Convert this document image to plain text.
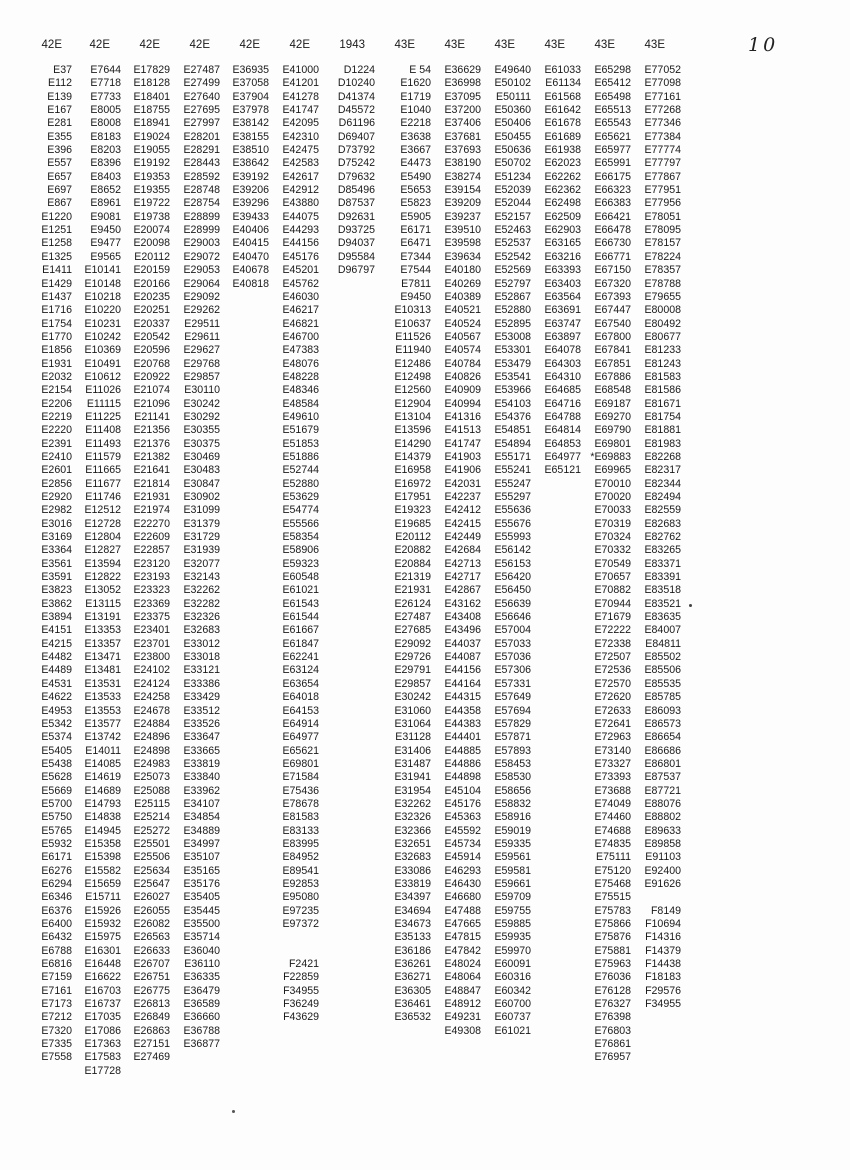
42E
E37
E112
E139
E167
E281
E355
E396
E557
E657
E697
E867
E1220
E1251
E1258
E1325
E1411
E1429
E1437
E1716
E1754
E1770
E1856
E1931
E2032
E2154
E2206
E2219
E2220
E2391
E2410
E2601
E2856
E2920
E2982
E3016
E3169
E3364
E3561
E3591
E3823
E3862
E3894
E4151
E4215
E4482
E4489
E4531
E4622
E4953
E5342
E5374
E5405
E5438
E5628
E5669
E5700
E5750
E5765
E5932
E6171
E6276
E6294
E6346
E6376
E6400
E6432
E6788
E6816
E7159
E7161
E7173
E7212
E7320
E7335
E7558
42E
E7644
E7718
E7733
E8005
E8008
E8183
E8203
E8396
E8403
E8652
E8961
E9081
E9450
E9477
E9565
E10141
E10148
E10218
E10220
E10231
E10242
E10369
E10491
E10612
E11026
E11115
E11225
E11408
E11493
E11579
E11665
E11677
E11746
E12512
E12728
E12804
E12827
E13594
E12822
E13052
E13115
E13191
E13353
E13357
E13471
E13481
E13531
E13533
E13553
E13577
E13742
E14011
E14085
E14619
E14689
E14793
E14838
E14945
E15358
E15398
E15582
E15659
E15711
E15926
E15932
E15975
E16301
E16448
E16622
E16703
E16737
E17035
E17086
E17363
E17583
E17728
42E
E17829
E18128
E18401
E18755
E18941
E19024
E19055
E19192
E19353
E19355
E19722
E19738
E20074
E20098
E20112
E20159
E20166
E20235
E20251
E20337
E20542
E20596
E20768
E20922
E21074
E21096
E21141
E21356
E21376
E21382
E21641
E21814
E21931
E21974
E22270
E22609
E22857
E23120
E23193
E23323
E23369
E23375
E23401
E23701
E23800
E24102
E24124
E24258
E24678
E24884
E24896
E24898
E24983
E25073
E25088
E25115
E25214
E25272
E25501
E25506
E25634
E25647
E26027
E26055
E26082
E26563
E26633
E26707
E26751
E26775
E26813
E26849
E26863
E27151
E27469
42E
E27487
E27499
E27640
E27695
E27997
E28201
E28291
E28443
E28592
E28748
E28754
E28899
E28999
E29003
E29072
E29053
E29064
E29092
E29262
E29511
E29611
E29627
E29768
E29857
E30110
E30242
E30292
E30355
E30375
E30469
E30483
E30847
E30902
E31099
E31379
E31729
E31939
E32077
E32143
E32262
E32282
E32326
E32683
E33012
E33018
E33121
E33386
E33429
E33512
E33526
E33647
E33665
E33819
E33840
E33962
E34107
E34854
E34889
E34997
E35107
E35165
E35176
E35405
E35445
E35500
E35714
E36040
E36110
E36335
E36479
E36589
E36660
E36788
E36877
42E
E36935
E37058
E37904
E37978
E38142
E38155
E38510
E38642
E39192
E39206
E39296
E39433
E40406
E40415
E40470
E40678
E40818
42E
E41000
E41201
E41278
E41747
E42095
E42310
E42475
E42583
E42617
E42912
E43880
E44075
E44293
E44156
E45176
E45201
E45762
E46030
E46217
E46821
E46700
E47383
E48076
E48228
E48346
E48584
E49610
E51679
E51853
E51886
E52744
E52880
E53629
E54774
E55566
E58354
E58906
E59323
E60548
E61021
E61543
E61544
E61667
E61847
E62241
E63124
E63654
E64018
E64153
E64914
E64977
E65621
E69801
E71584
E75436
E78678
E81583
E83133
E83995
E84952
E89541
E92853
E95080
E97235
E97372
F2421
F22859
F34955
F36249
F43629
1943
D1224
D10240
D41374
D45572
D61196
D69407
D73792
D75242
D79632
D85496
D87537
D92631
D93725
D94037
D95584
D96797
43E
E 54
E1620
E1719
E1040
E2218
E3638
E3667
E4473
E5490
E5653
E5823
E5905
E6171
E6471
E7344
E7544
E7811
E9450
E10313
E10637
E11526
E11940
E12486
E12498
E12560
E12904
E13104
E13596
E14290
E14379
E16958
E16972
E17951
E19323
E19685
E20112
E20882
E20884
E21319
E21931
E26124
E27487
E27685
E29092
E29726
E29791
E29857
E30242
E31060
E31064
E31128
E31406
E31487
E31941
E31954
E32262
E32326
E32366
E32651
E32683
E33086
E33819
E34397
E34694
E34673
E35133
E36186
E36261
E36271
E36305
E36461
E36532
43E
E36629
E36998
E37095
E37200
E37406
E37681
E37693
E38190
E38274
E39154
E39209
E39237
E39510
E39598
E39634
E40180
E40269
E40389
E40521
E40524
E40567
E40574
E40784
E40826
E40909
E40994
E41316
E41513
E41747
E41903
E41906
E42031
E42237
E42412
E42415
E42449
E42684
E42713
E42717
E42867
E43162
E43408
E43496
E44037
E44087
E44156
E44164
E44315
E44358
E44383
E44401
E44885
E44886
E44898
E45104
E45176
E45363
E45592
E45734
E45914
E46293
E46430
E46680
E47488
E47665
E47815
E47842
E48024
E48064
E48847
E48912
E49231
E49308
43E
E49640
E50102
E50111
E50360
E50406
E50455
E50636
E50702
E51234
E52039
E52044
E52157
E52463
E52537
E52542
E52569
E52797
E52867
E52880
E52895
E53008
E53301
E53479
E53541
E53966
E54103
E54376
E54851
E54894
E55171
E55241
E55247
E55297
E55636
E55676
E55993
E56142
E56153
E56420
E56450
E56639
E56646
E57004
E57033
E57036
E57306
E57331
E57649
E57694
E57829
E57871
E57893
E58453
E58530
E58656
E58832
E58916
E59019
E59335
E59561
E59581
E59661
E59709
E59755
E59885
E59935
E59970
E60091
E60316
E60342
E60700
E60737
E61021
43E
E61033
E61134
E61568
E61642
E61678
E61689
E61938
E62023
E62262
E62362
E62498
E62509
E62903
E63165
E63216
E63393
E63403
E63564
E63691
E63747
E63897
E64078
E64303
E64310
E64685
E64716
E64788
E64814
E64853
E64977
E65121
43E
E65298
E65412
E65498
E65513
E65543
E65621
E65977
E65991
E66175
E66323
E66383
E66421
E66478
E66730
E66771
E67150
E67320
E67393
E67447
E67540
E67800
E67841
E67851
E67886
E68548
E69187
E69270
E69790
E69801
*E69883
E69965
E70010
E70020
E70033
E70319
E70324
E70332
E70549
E70657
E70882
E70944
E71679
E72222
E72338
E72507
E72536
E72570
E72620
E72633
E72641
E72963
E73140
E73327
E73393
E73688
E74049
E74460
E74688
E74835
E75111
E75120
E75468
E75515
E75783
E75866
E75876
E75881
E75963
E76036
E76128
E76327
E76398
E76803
E76861
E76957
43E
E77052
E77098
E77161
E77268
E77346
E77384
E77774
E77797
E77867
E77951
E77956
E78051
E78095
E78157
E78224
E78357
E78788
E79655
E80008
E80492
E80677
E81233
E81243
E81583
E81586
E81671
E81754
E81881
E81983
E82268
E82317
E82344
E82494
E82559
E82683
E82762
E83265
E83371
E83391
E83518
E83521
E83635
E84007
E84811
E85502
E85506
E85535
E85785
E86093
E86573
E86654
E86686
E86801
E87537
E87721
E88076
E88802
E89633
E89858
E91103
E92400
E91626
F8149
F10694
F14316
F14379
F14438
F18183
F29576
F34955
10
